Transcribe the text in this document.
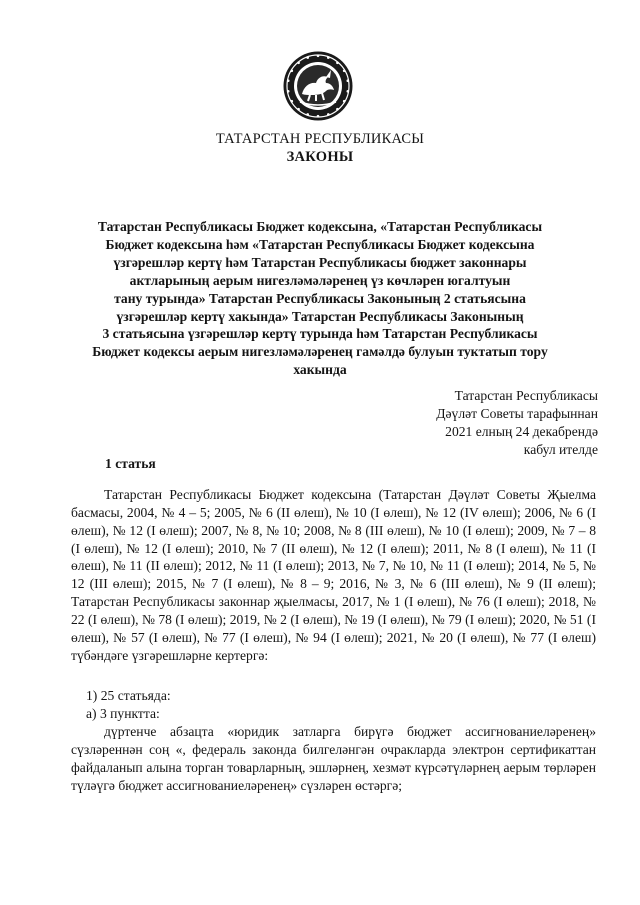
ТАТАРСТАН РЕСПУБЛИКАСЫ
ЗАКОНЫ
Татарстан Республикасы Бюджет кодексына, «Татарстан Республикасы
Бюджет кодексына һәм «Татарстан Республикасы Бюджет кодексына
үзгәрешләр кертү һәм Татарстан Республикасы бюджет законнары
актларының аерым нигезләмәләренең үз көчләрен югалтуын
тану турында» Татарстан Республикасы Законының 2 статьясына
үзгәрешләр кертү хакында» Татарстан Республикасы Законының
3 статьясына үзгәрешләр кертү турында һәм Татарстан Республикасы
Бюджет кодексы аерым нигезләмәләренең гамәлдә булуын туктатып тору
хакында
Татарстан Республикасы
Дәүләт Советы тарафыннан
2021 елның 24 декабрендә
кабул ителде
1 статья

Татарстан Республикасы Бюджет кодексына (Татарстан Дәүләт Советы Җыелма басмасы, 2004, № 4 – 5; 2005, № 6 (II өлеш), № 10 (I өлеш), № 12 (IV өлеш); 2006, № 6 (I өлеш), № 12 (I өлеш); 2007, № 8, № 10; 2008, № 8 (III өлеш), № 10 (I өлеш); 2009, № 7 – 8 (I өлеш), № 12 (I өлеш); 2010, № 7 (II өлеш), № 12 (I өлеш); 2011, № 8 (I өлеш), № 11 (I өлеш), № 11 (II өлеш); 2012, № 11 (I өлеш); 2013, № 7, № 10, № 11 (I өлеш); 2014, № 5, № 12 (III өлеш); 2015, № 7 (I өлеш), № 8 – 9; 2016, № 3, № 6 (III өлеш), № 9 (II өлеш); Татарстан Республикасы законнар җыелмасы, 2017, № 1 (I өлеш), № 76 (I өлеш); 2018, № 22 (I өлеш), № 78 (I өлеш); 2019, № 2 (I өлеш), № 19 (I өлеш), № 79 (I өлеш); 2020, № 51 (I өлеш), № 57 (I өлеш), № 77 (I өлеш), № 94 (I өлеш); 2021, № 20 (I өлеш), № 77 (I өлеш) түбәндәге үзгәрешләрне кертергә:

1) 25 статьяда:
а) 3 пунктта:

дүртенче абзацта «юридик затларга бирүгә бюджет ассигнованиеләренең» сүзләреннән соң «, федераль законда билгеләнгән очракларда электрон сертификаттан файдаланып алына торган товарларның, эшләрнең, хезмәт күрсәтүләрнең аерым төрләрен түләүгә бюджет ассигнованиеләренең» сүзләрен өстәргә;
